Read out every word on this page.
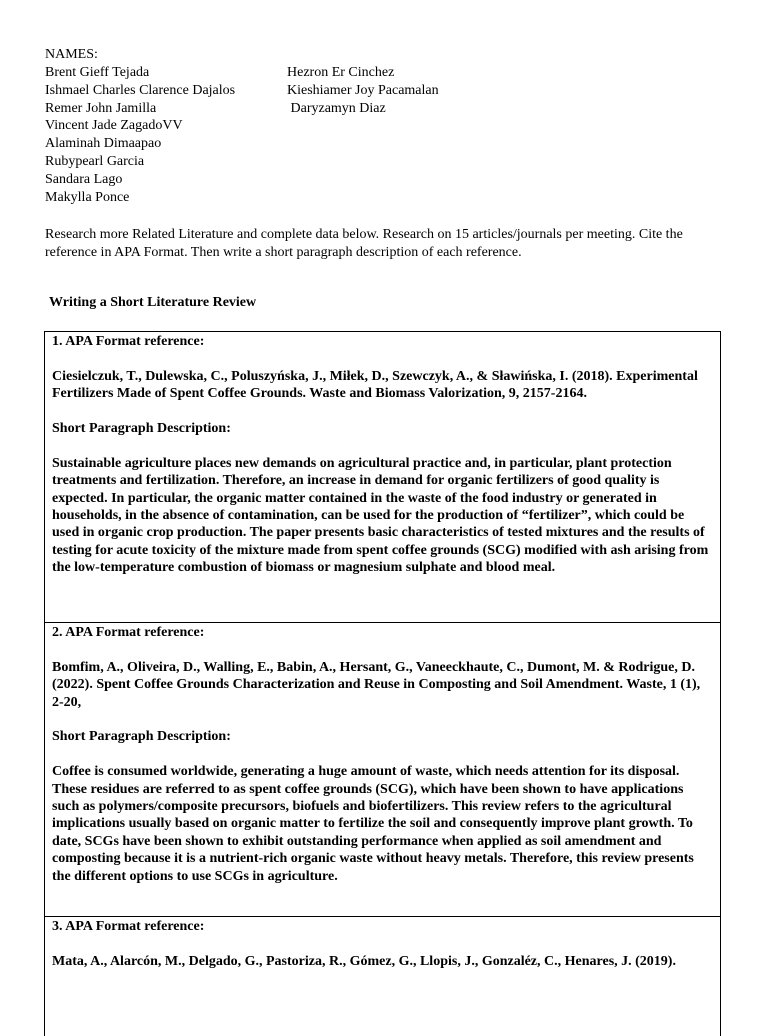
NAMES:
Brent Gieff Tejada
Ishmael Charles Clarence Dajalos
Remer John Jamilla
Vincent Jade ZagadoVV
Alaminah Dimaapao
Rubypearl Garcia
Sandara Lago
Makylla Ponce
Hezron Er Cinchez
Kieshiamer Joy Pacamalan
Daryzamyn Diaz
Research more Related Literature and complete data below. Research on 15 articles/journals per meeting. Cite the reference in APA Format. Then write a short paragraph description of each reference.
Writing a Short Literature Review

1. APA Format reference:

Ciesielczuk, T., Dulewska, C., Poluszyńska, J., Miłek, D., Szewczyk, A., & Sławińska, I. (2018). Experimental Fertilizers Made of Spent Coffee Grounds. Waste and Biomass Valorization, 9, 2157-2164.

Short Paragraph Description:

Sustainable agriculture places new demands on agricultural practice and, in particular, plant protection treatments and fertilization. Therefore, an increase in demand for organic fertilizers of good quality is expected. In particular, the organic matter contained in the waste of the food industry or generated in households, in the absence of contamination, can be used for the production of “fertilizer”, which could be used in organic crop production. The paper presents basic characteristics of tested mixtures and the results of testing for acute toxicity of the mixture made from spent coffee grounds (SCG) modified with ash arising from the low-temperature combustion of biomass or magnesium sulphate and blood meal.

2. APA Format reference:

Bomfim, A., Oliveira, D., Walling, E., Babin, A., Hersant, G., Vaneeckhaute, C., Dumont, M. & Rodrigue, D. (2022). Spent Coffee Grounds Characterization and Reuse in Composting and Soil Amendment. Waste, 1 (1), 2-20,

Short Paragraph Description:

Coffee is consumed worldwide, generating a huge amount of waste, which needs attention for its disposal. These residues are referred to as spent coffee grounds (SCG), which have been shown to have applications such as polymers/composite precursors, biofuels and biofertilizers. This review refers to the agricultural implications usually based on organic matter to fertilize the soil and consequently improve plant growth. To date, SCGs have been shown to exhibit outstanding performance when applied as soil amendment and composting because it is a nutrient-rich organic waste without heavy metals. Therefore, this review presents the different options to use SCGs in agriculture.

3. APA Format reference:

Mata, A., Alarcón, M., Delgado, G., Pastoriza, R., Gómez, G., Llopis, J., Gonzaléz, C., Henares, J. (2019).
